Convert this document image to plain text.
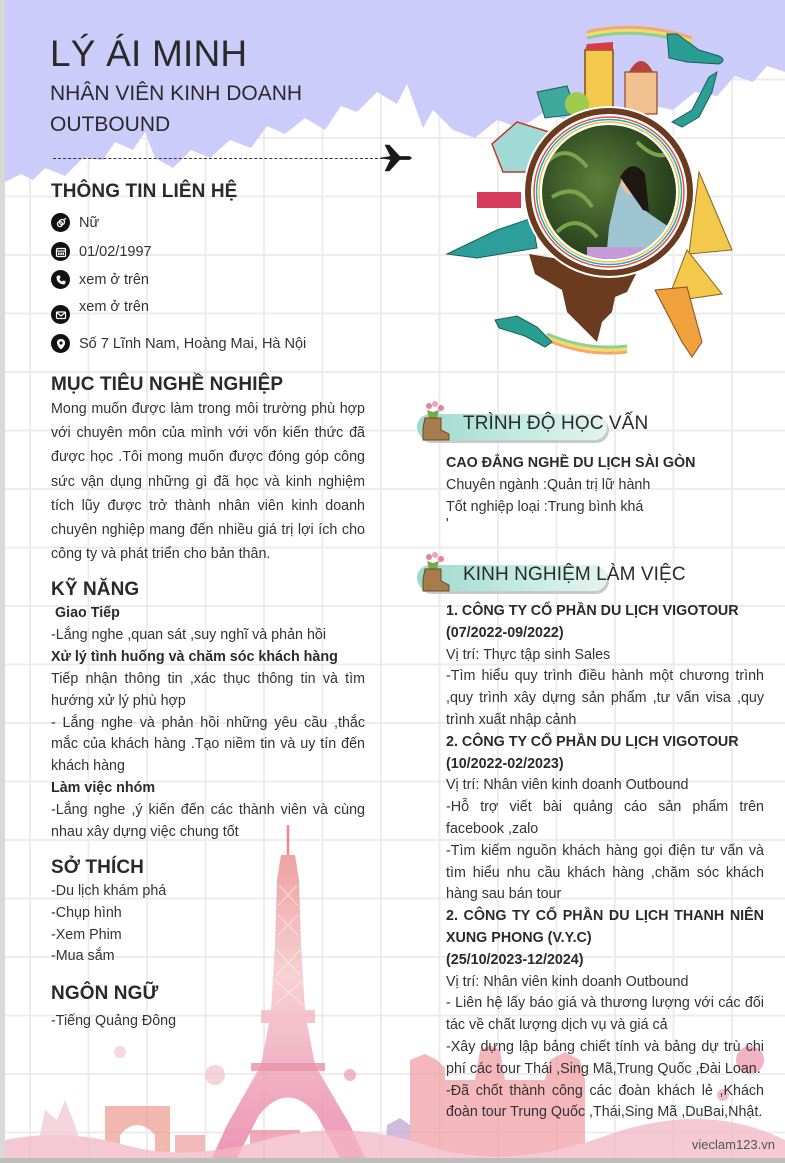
LÝ ÁI MINH
NHÂN VIÊN KINH DOANH OUTBOUND
THÔNG TIN LIÊN HỆ
Nữ
01/02/1997
xem ở trên
xem ở trên
Số 7 Lĩnh Nam, Hoàng Mai, Hà Nội
MỤC TIÊU NGHỀ NGHIỆP
Mong muốn được làm trong môi trường phù hợp với chuyên môn của mình với vốn kiến thức đã được học .Tôi mong muốn được đóng góp công sức vận dụng những gì đã học và kinh nghiệm tích lũy được trở thành nhân viên kinh doanh chuyên nghiệp mang đến nhiều giá trị lợi ích cho công ty và phát triển cho bản thân.
KỸ NĂNG
Giao Tiếp
-Lắng nghe ,quan sát ,suy nghĩ và phản hồi
Xử lý tình huống và chăm sóc khách hàng
Tiếp nhận thông tin ,xác thục thông tin và tìm hướng xử lý phù hợp
- Lắng nghe và phản hồi những yêu cầu ,thắc mắc của khách hàng .Tạo niềm tin và uy tín đến khách hàng
Làm việc nhóm
-Lắng nghe ,ý kiến đến các thành viên và cùng nhau xây dựng việc chung tốt
SỞ THÍCH
-Du lịch khám phá
-Chụp hình
-Xem Phim
-Mua sắm
NGÔN NGỮ
-Tiếng Quảng Đông
TRÌNH ĐỘ HỌC VẤN
CAO ĐẲNG NGHỀ DU LỊCH SÀI GÒN
Chuyên ngành :Quản trị lữ hành
Tốt nghiệp loại :Trung bình khá
'
KINH NGHIỆM LÀM VIỆC
1. CÔNG TY CỔ PHẦN DU LỊCH VIGOTOUR
(07/2022-09/2022)
Vị trí: Thực tập sinh Sales
-Tìm hiểu quy trình điều hành một chương trình ,quy trình xây dựng sản phẩm ,tư vấn visa ,quy trình xuất nhập cảnh
2. CÔNG TY CỔ PHẦN DU LỊCH VIGOTOUR
(10/2022-02/2023)
Vị trí: Nhân viên kinh doanh Outbound
-Hỗ trợ viết bài quảng cáo sản phẩm trên facebook ,zalo
-Tìm kiếm nguồn khách hàng gọi điện tư vấn và tìm hiểu nhu cầu khách hàng ,chăm sóc khách hàng sau bán tour
2. CÔNG TY CỔ PHẦN DU LỊCH THANH NIÊN XUNG PHONG (V.Y.C)
(25/10/2023-12/2024)
Vị trí: Nhân viên kinh doanh Outbound
- Liên hệ lấy báo giá và thương lượng với các đối tác về chất lượng dịch vụ và giá cả
-Xây dựng lập bảng chiết tính và bảng dự trù chi phí các tour Thái ,Sing Mã,Trung Quốc ,Đài Loan.
-Đã chốt thành công các đoàn khách lẻ ,Khách đoàn tour Trung Quốc ,Thái,Sing Mã ,DuBai,Nhật.
vieclam123.vn
